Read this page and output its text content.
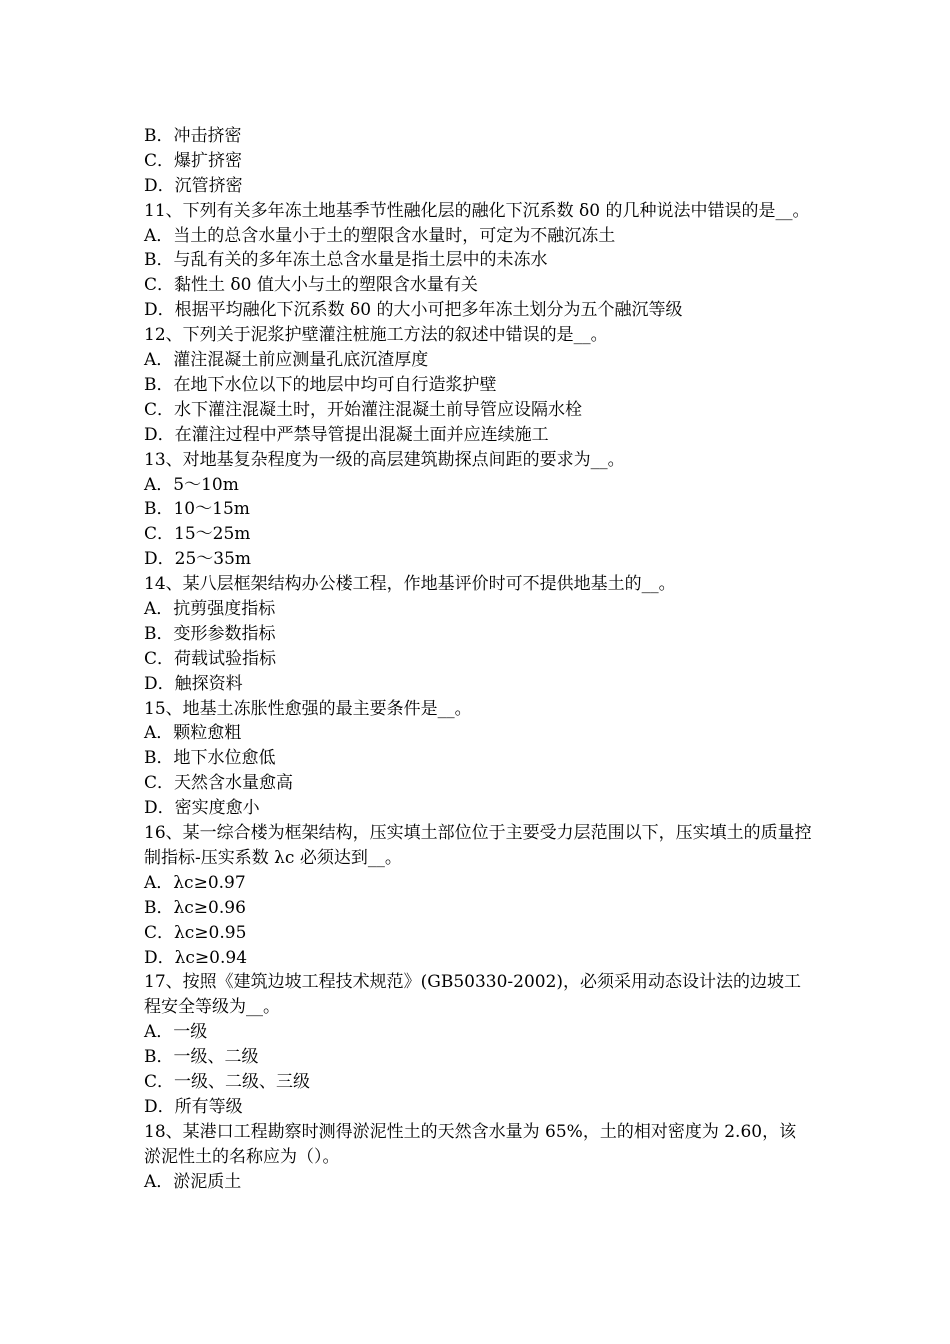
B．冲击挤密

C．爆扩挤密

D．沉管挤密

11、下列有关多年冻土地基季节性融化层的融化下沉系数 δ0 的几种说法中错误的是__。

A．当土的总含水量小于土的塑限含水量时，可定为不融沉冻土

B．与乱有关的多年冻土总含水量是指土层中的未冻水

C．黏性土 δ0 值大小与土的塑限含水量有关

D．根据平均融化下沉系数 δ0 的大小可把多年冻土划分为五个融沉等级

12、下列关于泥浆护壁灌注桩施工方法的叙述中错误的是__。

A．灌注混凝土前应测量孔底沉渣厚度

B．在地下水位以下的地层中均可自行造浆护壁

C．水下灌注混凝土时，开始灌注混凝土前导管应设隔水栓

D．在灌注过程中严禁导管提出混凝土面并应连续施工

13、对地基复杂程度为一级的高层建筑勘探点间距的要求为__。

A．5～10m

B．10～15m

C．15～25m

D．25～35m

14、某八层框架结构办公楼工程，作地基评价时可不提供地基土的__。

A．抗剪强度指标

B．变形参数指标

C．荷载试验指标

D．触探资料

15、地基土冻胀性愈强的最主要条件是__。

A．颗粒愈粗

B．地下水位愈低

C．天然含水量愈高

D．密实度愈小

16、某一综合楼为框架结构，压实填土部位位于主要受力层范围以下，压实填土的质量控制指标-压实系数 λc 必须达到__。

A．λc≥0.97

B．λc≥0.96

C．λc≥0.95

D．λc≥0.94

17、按照《建筑边坡工程技术规范》(GB50330-2002)，必须采用动态设计法的边坡工程安全等级为__。

A．一级

B．一级、二级

C．一级、二级、三级

D．所有等级

18、某港口工程勘察时测得淤泥性土的天然含水量为 65%，土的相对密度为 2.60，该淤泥性土的名称应为（）。

A．淤泥质土
